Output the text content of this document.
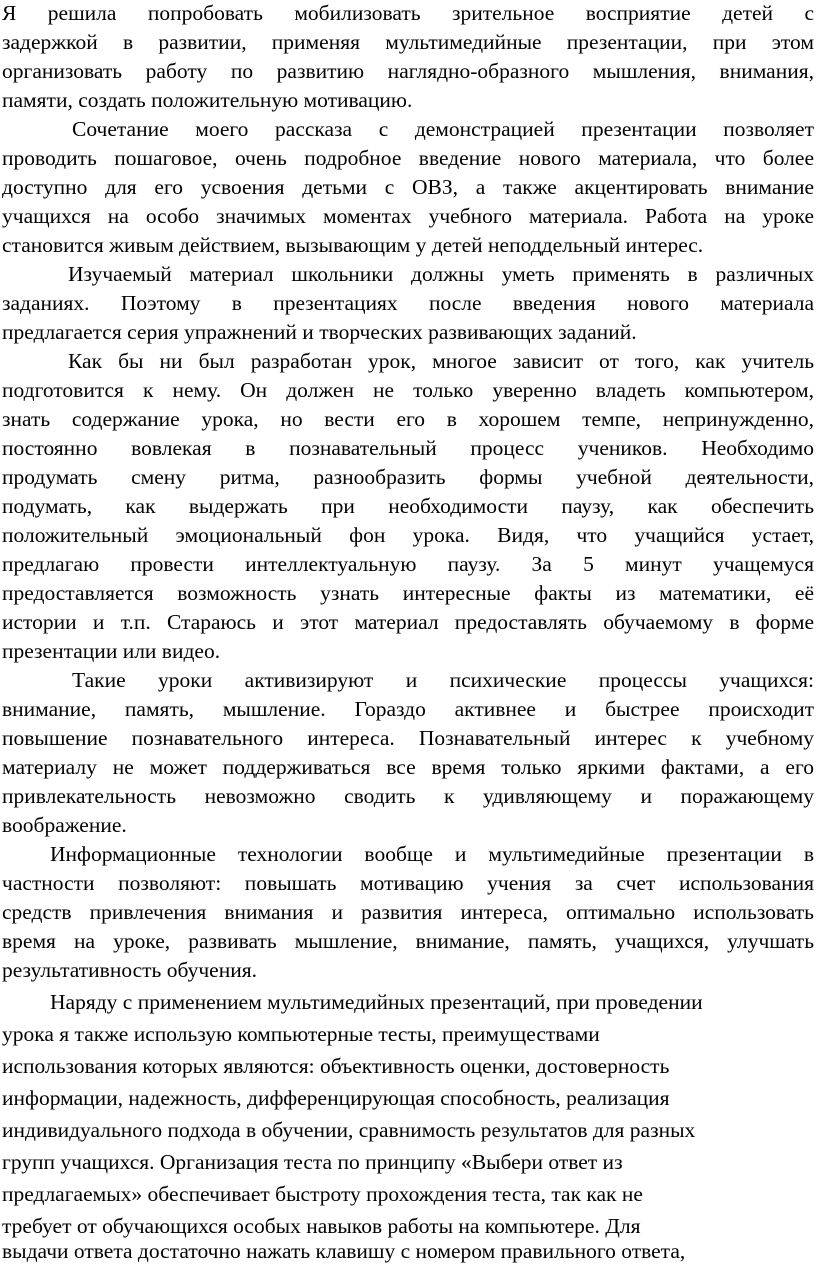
Я решила попробовать мобилизовать зрительное восприятие детей с
задержкой в развитии, применяя мультимедийные презентации, при этом
организовать работу по развитию наглядно-образного мышления, внимания,
памяти, создать положительную мотивацию.
Сочетание моего рассказа с демонстрацией презентации позволяет
проводить пошаговое, очень подробное введение нового материала, что более
доступно для его усвоения детьми с ОВЗ, а также акцентировать внимание
учащихся на особо значимых моментах учебного материала. Работа на уроке
становится живым действием, вызывающим у детей неподдельный интерес.
Изучаемый материал школьники должны уметь применять в различных
заданиях. Поэтому в презентациях после введения нового материала
предлагается серия упражнений и творческих развивающих заданий.
Как бы ни был разработан урок, многое зависит от того, как учитель
подготовится к нему. Он должен не только уверенно владеть компьютером,
знать содержание урока, но вести его в хорошем темпе, непринужденно,
постоянно вовлекая в познавательный процесс учеников. Необходимо
продумать смену ритма, разнообразить формы учебной деятельности,
подумать, как выдержать при необходимости паузу, как обеспечить
положительный эмоциональный фон урока. Видя, что учащийся устает,
предлагаю провести интеллектуальную паузу. За 5 минут учащемуся
предоставляется возможность узнать интересные факты из математики, её
истории и т.п. Стараюсь и этот материал предоставлять обучаемому в форме
презентации или видео.
Такие уроки активизируют и психические процессы учащихся:
внимание, память, мышление. Гораздо активнее и быстрее происходит
повышение познавательного интереса. Познавательный интерес к учебному
материалу не может поддерживаться все время только яркими фактами, а его
привлекательность невозможно сводить к удивляющему и поражающему
воображение.
Информационные технологии вообще и мультимедийные презентации в
частности позволяют: повышать мотивацию учения за счет использования
средств привлечения внимания и развития интереса, оптимально использовать
время на уроке, развивать мышление, внимание, память, учащихся, улучшать
результативность обучения.
Наряду с применением мультимедийных презентаций, при проведении
урока я также использую компьютерные тесты, преимуществами
использования которых являются: объективность оценки, достоверность
информации, надежность, дифференцирующая способность, реализация
индивидуального подхода в обучении, сравнимость результатов для разных
групп учащихся. Организация теста по принципу «Выбери ответ из
предлагаемых» обеспечивает быстроту прохождения теста, так как не
требует от обучающихся особых навыков работы на компьютере. Для
выдачи ответа достаточно нажать клавишу с номером правильного ответа,
